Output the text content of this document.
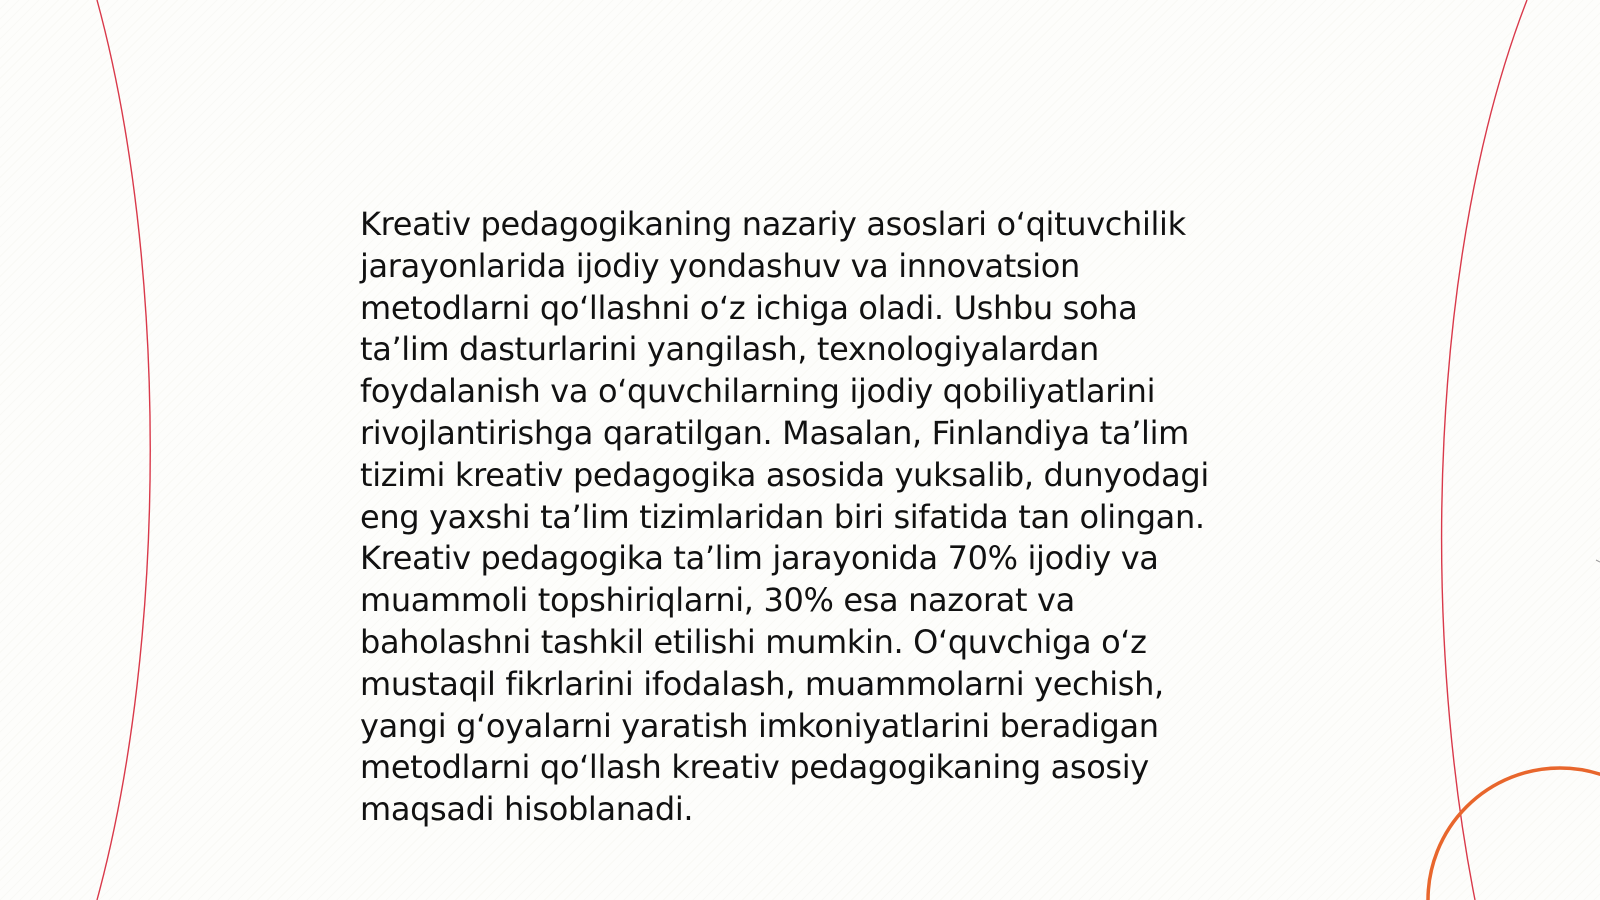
Kreativ pedagogikaning nazariy asoslari o‘qituvchilik
jarayonlarida ijodiy yondashuv va innovatsion
metodlarni qo‘llashni o‘z ichiga oladi. Ushbu soha
ta’lim dasturlarini yangilash, texnologiyalardan
foydalanish va o‘quvchilarning ijodiy qobiliyatlarini
rivojlantirishga qaratilgan. Masalan, Finlandiya ta’lim
tizimi kreativ pedagogika asosida yuksalib, dunyodagi
eng yaxshi ta’lim tizimlaridan biri sifatida tan olingan.
Kreativ pedagogika ta’lim jarayonida 70% ijodiy va
muammoli topshiriqlarni, 30% esa nazorat va
baholashni tashkil etilishi mumkin. O‘quvchiga o‘z
mustaqil fikrlarini ifodalash, muammolarni yechish,
yangi g‘oyalarni yaratish imkoniyatlarini beradigan
metodlarni qo‘llash kreativ pedagogikaning asosiy
maqsadi hisoblanadi.
